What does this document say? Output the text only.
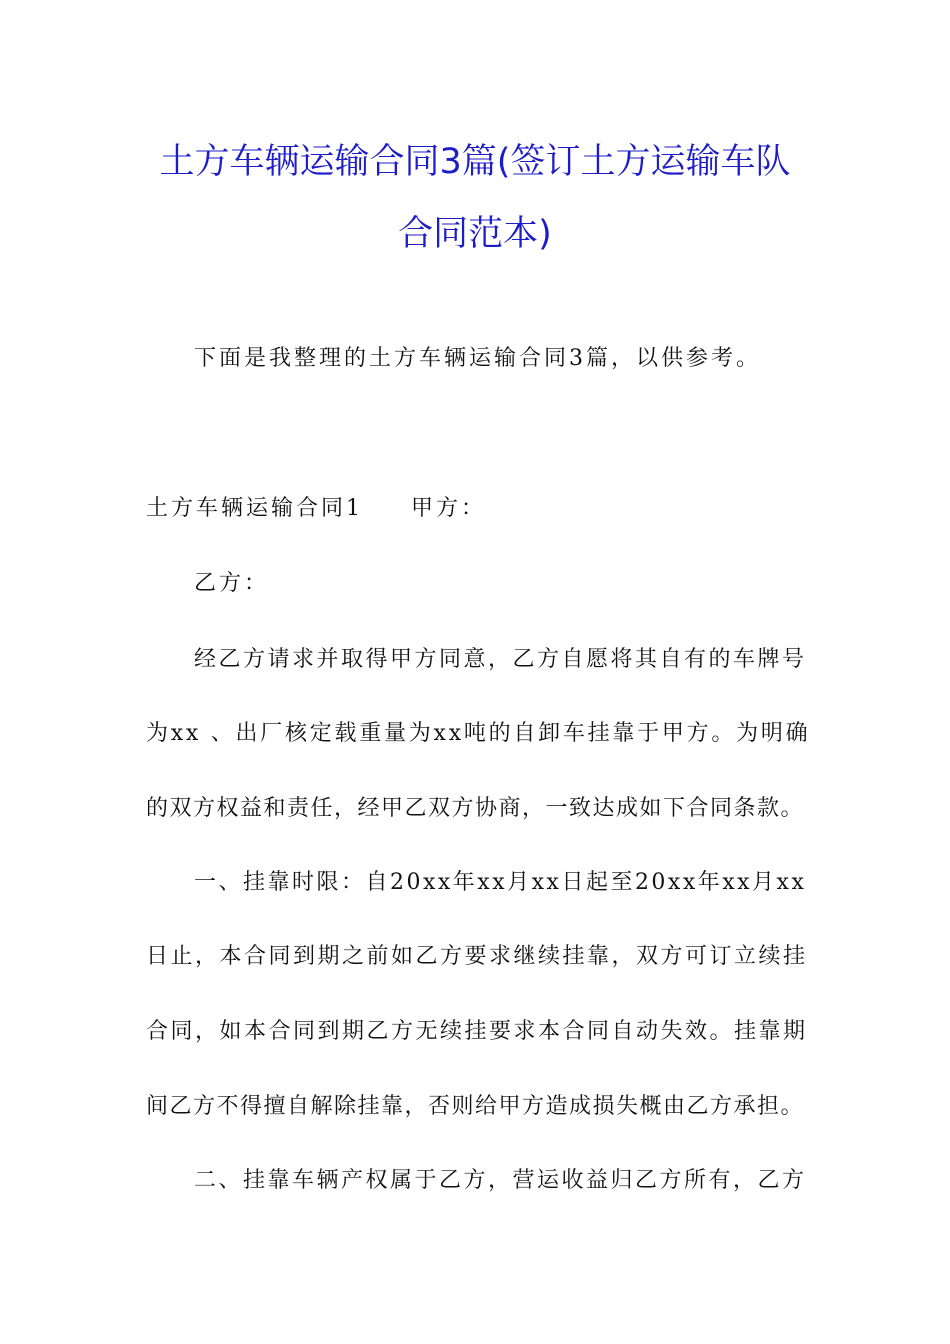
土方车辆运输合同3篇(签订土方运输车队
合同范本)
下面是我整理的土方车辆运输合同3篇，以供参考。
土方车辆运输合同1 甲方：
乙方：
经乙方请求并取得甲方同意，乙方自愿将其自有的车牌号
为xx 、出厂核定载重量为xx吨的自卸车挂靠于甲方。为明确
的双方权益和责任，经甲乙双方协商，一致达成如下合同条款。
一、挂靠时限：自20xx年xx月xx日起至20xx年xx月xx
日止，本合同到期之前如乙方要求继续挂靠，双方可订立续挂
合同，如本合同到期乙方无续挂要求本合同自动失效。挂靠期
间乙方不得擅自解除挂靠，否则给甲方造成损失概由乙方承担。
二、挂靠车辆产权属于乙方，营运收益归乙方所有，乙方
